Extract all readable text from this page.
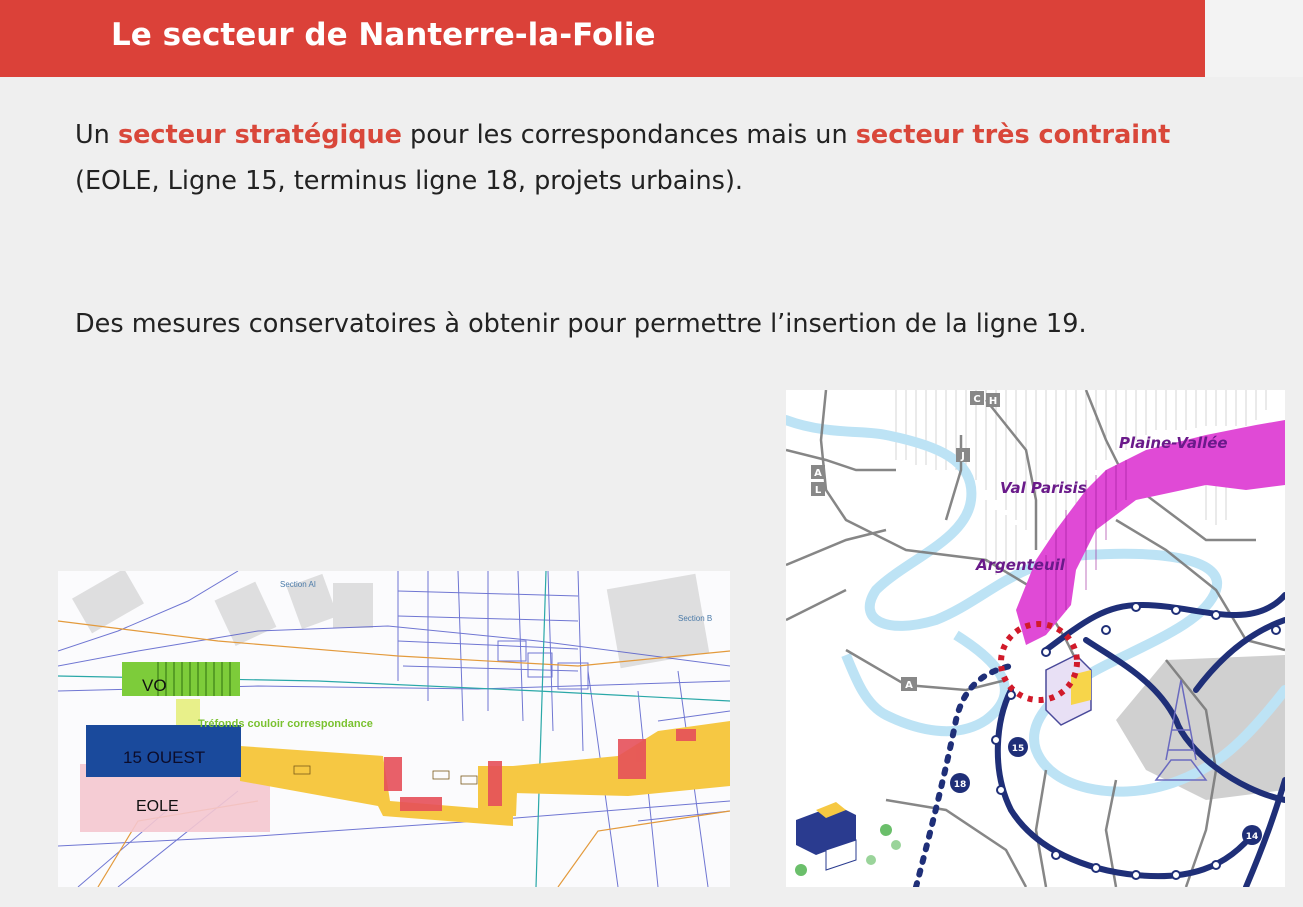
Le secteur de Nanterre-la-Folie
Un secteur stratégique pour les correspondances mais un secteur très contraint
(EOLE, Ligne 15, terminus ligne 18, projets urbains).
Des mesures conservatoires à obtenir pour permettre l’insertion de la ligne 19.
VO
Tréfonds couloir correspondance
15 OUEST
EOLE
Section AI
Section B
C H
J
A
L
A
15
18
14
Plaine-Vallée
Val Parisis
Argenteuil
